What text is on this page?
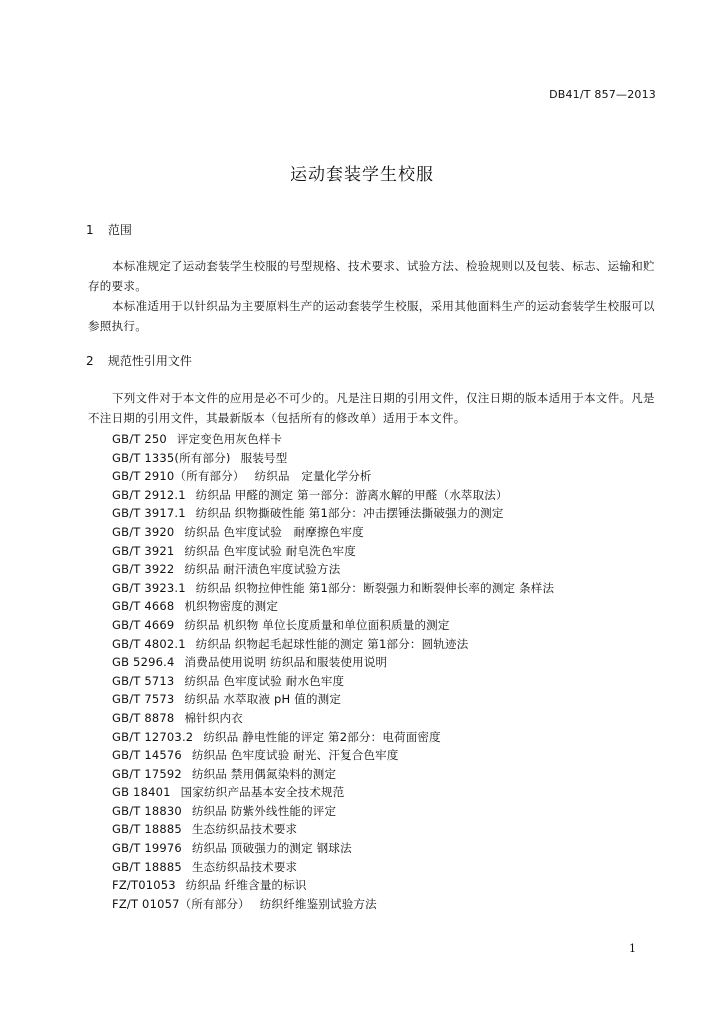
DB41/T 857—2013
运动套装学生校服
1 范围

本标准规定了运动套装学生校服的号型规格、技术要求、试验方法、检验规则以及包装、标志、运输和贮存的要求。

本标准适用于以针织品为主要原料生产的运动套装学生校服，采用其他面料生产的运动套装学生校服可以参照执行。

2 规范性引用文件

下列文件对于本文件的应用是必不可少的。凡是注日期的引用文件，仅注日期的版本适用于本文件。凡是不注日期的引用文件，其最新版本（包括所有的修改单）适用于本文件。

GB/T 250 评定变色用灰色样卡
GB/T 1335(所有部分) 服装号型
GB/T 2910（所有部分） 纺织品　定量化学分析
GB/T 2912.1 纺织品 甲醛的测定 第一部分：游离水解的甲醛（水萃取法）
GB/T 3917.1 纺织品 织物撕破性能 第1部分：冲击摆锤法撕破强力的测定
GB/T 3920 纺织品 色牢度试验　耐摩擦色牢度
GB/T 3921 纺织品 色牢度试验 耐皂洗色牢度
GB/T 3922 纺织品 耐汗渍色牢度试验方法
GB/T 3923.1 纺织品 织物拉伸性能 第1部分：断裂强力和断裂伸长率的测定 条样法
GB/T 4668 机织物密度的测定
GB/T 4669 纺织品 机织物 单位长度质量和单位面积质量的测定
GB/T 4802.1 纺织品 织物起毛起球性能的测定 第1部分：圆轨迹法
GB 5296.4 消费品使用说明 纺织品和服装使用说明
GB/T 5713 纺织品 色牢度试验 耐水色牢度
GB/T 7573 纺织品 水萃取液 pH 值的测定
GB/T 8878 棉针织内衣
GB/T 12703.2 纺织品 静电性能的评定 第2部分：电荷面密度
GB/T 14576 纺织品 色牢度试验 耐光、汗复合色牢度
GB/T 17592 纺织品 禁用偶氮染料的测定
GB 18401 国家纺织产品基本安全技术规范
GB/T 18830 纺织品 防紫外线性能的评定
GB/T 18885 生态纺织品技术要求
GB/T 19976 纺织品 顶破强力的测定 钢球法
GB/T 18885 生态纺织品技术要求
FZ/T01053 纺织品 纤维含量的标识
FZ/T 01057（所有部分） 纺织纤维鉴别试验方法
1
